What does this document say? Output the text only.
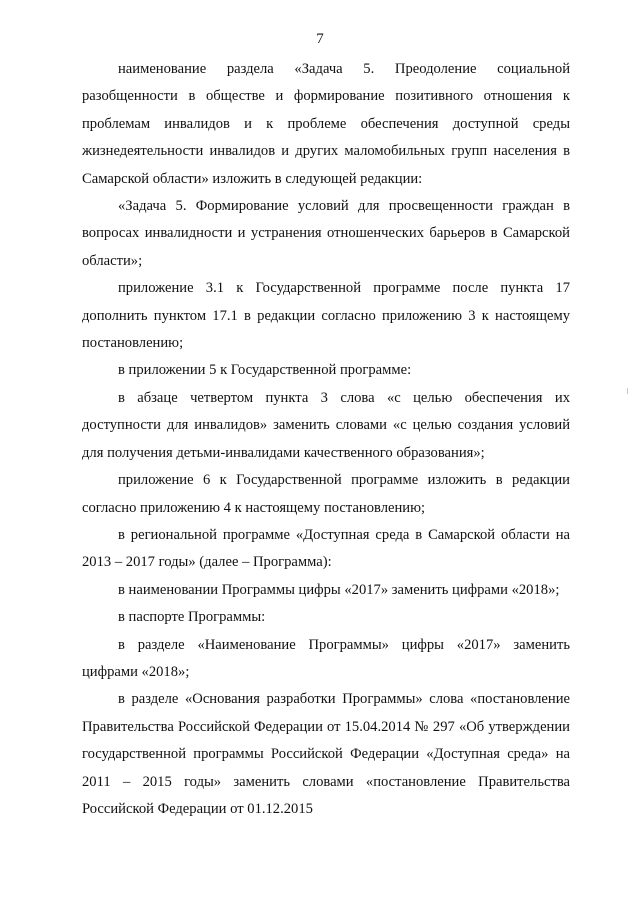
7

наименование раздела «Задача 5. Преодоление социальной разобщенности в обществе и формирование позитивного отношения к проблемам инвалидов и к проблеме обеспечения доступной среды жизнедеятельности инвалидов и других маломобильных групп населения в Самарской области» изложить в следующей редакции:

«Задача 5. Формирование условий для просвещенности граждан в вопросах инвалидности и устранения отношенческих барьеров в Самарской области»;

приложение 3.1 к Государственной программе после пункта 17 дополнить пунктом 17.1 в редакции согласно приложению 3 к настоящему постановлению;

в приложении 5 к Государственной программе:

в абзаце четвертом пункта 3 слова «с целью обеспечения их доступности для инвалидов» заменить словами «с целью создания условий для получения детьми-инвалидами качественного образования»;

приложение 6 к Государственной программе изложить в редакции согласно приложению 4 к настоящему постановлению;

в региональной программе «Доступная среда в Самарской области на 2013 – 2017 годы» (далее – Программа):

в наименовании Программы цифры «2017» заменить цифрами «2018»;

в паспорте Программы:

в разделе «Наименование Программы» цифры «2017» заменить цифрами «2018»;

в разделе «Основания разработки Программы» слова «постановление Правительства Российской Федерации от 15.04.2014 № 297 «Об утверждении государственной программы Российской Федерации «Доступная среда» на 2011 – 2015 годы» заменить словами «постановление Правительства Российской Федерации от 01.12.2015
